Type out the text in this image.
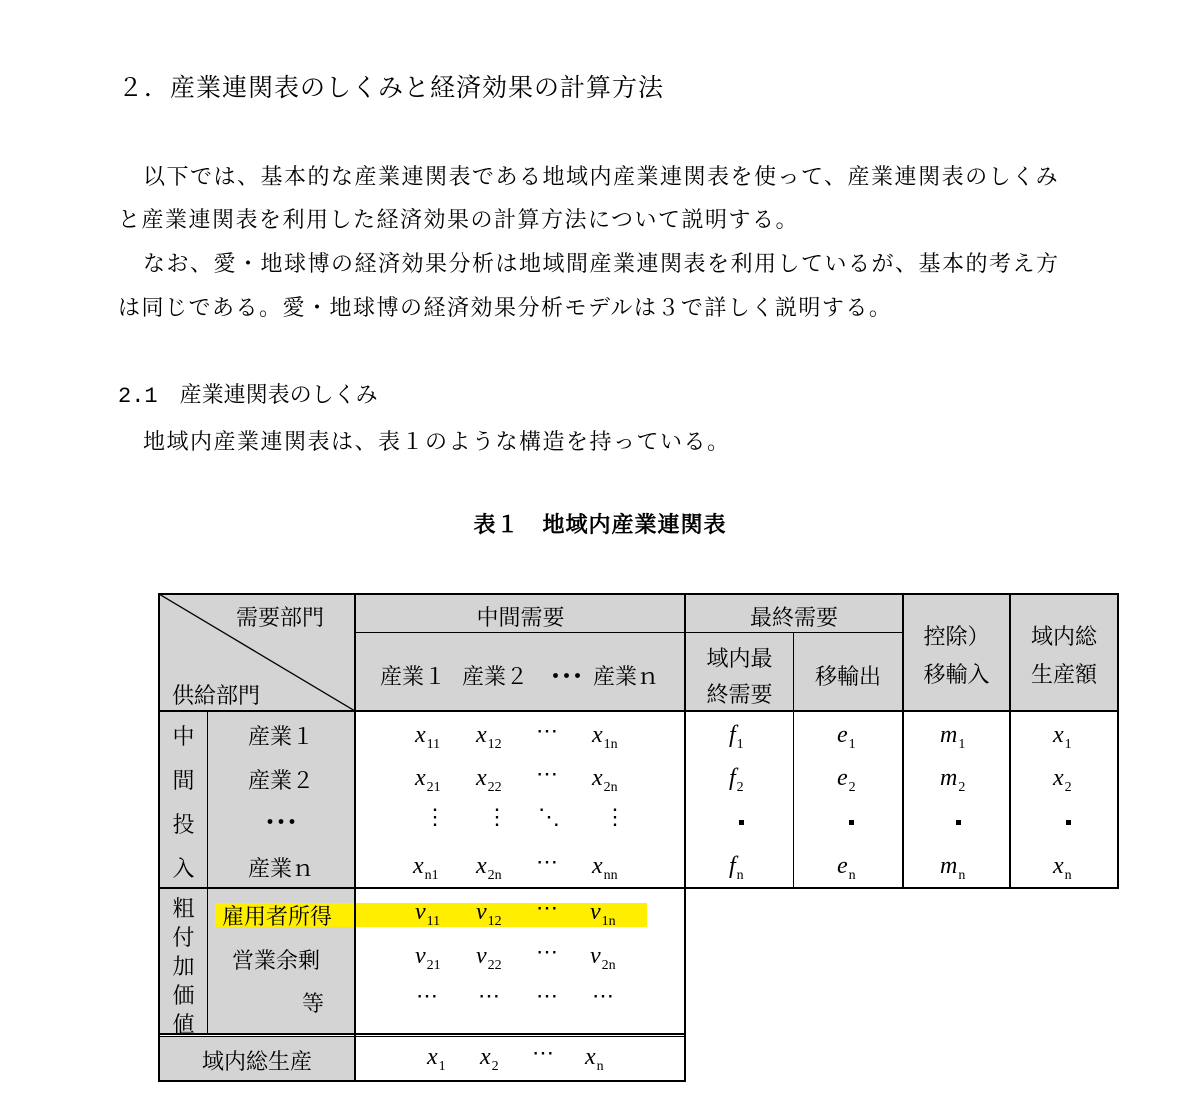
２．産業連関表のしくみと経済効果の計算方法
以下では、基本的な産業連関表である地域内産業連関表を使って、産業連関表のしくみ
と産業連関表を利用した経済効果の計算方法について説明する。
なお、愛・地球博の経済効果分析は地域間産業連関表を利用しているが、基本的考え方
は同じである。愛・地球博の経済効果分析モデルは３で詳しく説明する。
2.1 産業連関表のしくみ
地域内産業連関表は、表１のような構造を持っている。
表１　地域内産業連関表
需要部門
供給部門
中間需要
産業１ 産業２ ･･･ 産業ｎ
最終需要
域内最
終需要
移輸出
控除）
移輸入
域内総
生産額
中
間
投
入
産業１
産業２
･･･
産業ｎ
粗
付
加
価
値
雇用者所得
営業余剰
等
域内総生産
$x_{11}$ $x_{12}$
⋯ $x_{1n}$
$x_{21}$ $x_{22}$
⋯ $x_{2n}$
⋮ ⋮ ⋱ ⋮
$x_{n1}$ $x_{2n}$
⋯ $x_{nn}$
$f_1$
$f_2$
$f_n$
$e_1$
$e_2$
$e_n$
$m_1$
$m_2$
$m_n$
$x_1$
$x_2$
$x_n$
$v_{11}$ $v_{12}$
⋯ $v_{1n}$
$v_{21}$ $v_{22}$
⋯ $v_{2n}$
⋯ ⋯ ⋯ ⋯
$x_1$ $x_2$
⋯ $x_n$
